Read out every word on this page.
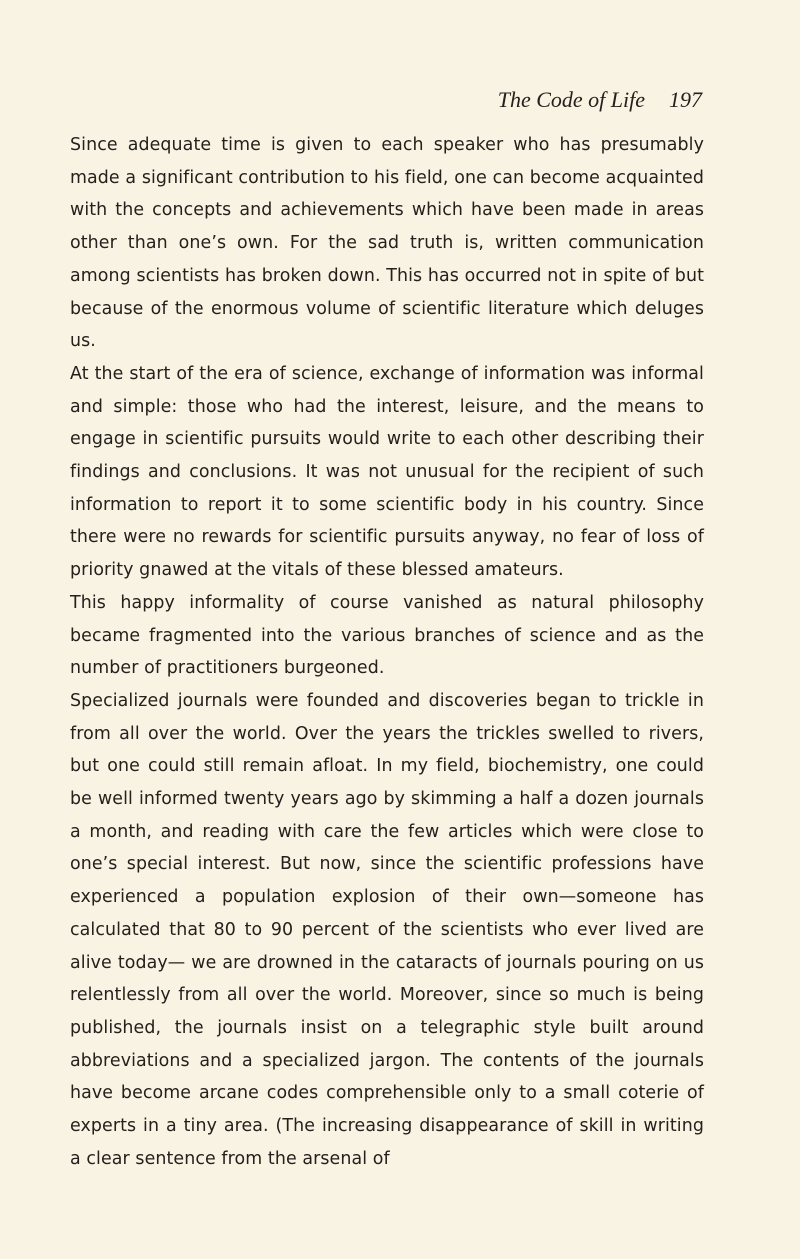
The Code of Life 197

Since adequate time is given to each speaker who has presumably made a significant contribution to his field, one can become acquainted with the concepts and achievements which have been made in areas other than one’s own. For the sad truth is, written communication among scientists has broken down. This has occurred not in spite of but because of the enormous volume of scientific literature which deluges us.

At the start of the era of science, exchange of information was informal and simple: those who had the interest, leisure, and the means to engage in scientific pursuits would write to each other describing their findings and conclusions. It was not unusual for the recipient of such information to report it to some scientific body in his country. Since there were no rewards for scientific pursuits anyway, no fear of loss of priority gnawed at the vitals of these blessed amateurs.

This happy informality of course vanished as natural philosophy became fragmented into the various branches of science and as the number of practitioners burgeoned.

Specialized journals were founded and discoveries began to trickle in from all over the world. Over the years the trickles swelled to rivers, but one could still remain afloat. In my field, biochemistry, one could be well informed twenty years ago by skimming a half a dozen journals a month, and reading with care the few articles which were close to one’s special interest. But now, since the scientific professions have experienced a population explosion of their own—someone has calculated that 80 to 90 percent of the scientists who ever lived are alive today— we are drowned in the cataracts of journals pouring on us relentlessly from all over the world. Moreover, since so much is being published, the journals insist on a telegraphic style built around abbreviations and a specialized jargon. The contents of the journals have become arcane codes comprehensible only to a small coterie of experts in a tiny area. (The increasing disappearance of skill in writing a clear sentence from the arsenal of
